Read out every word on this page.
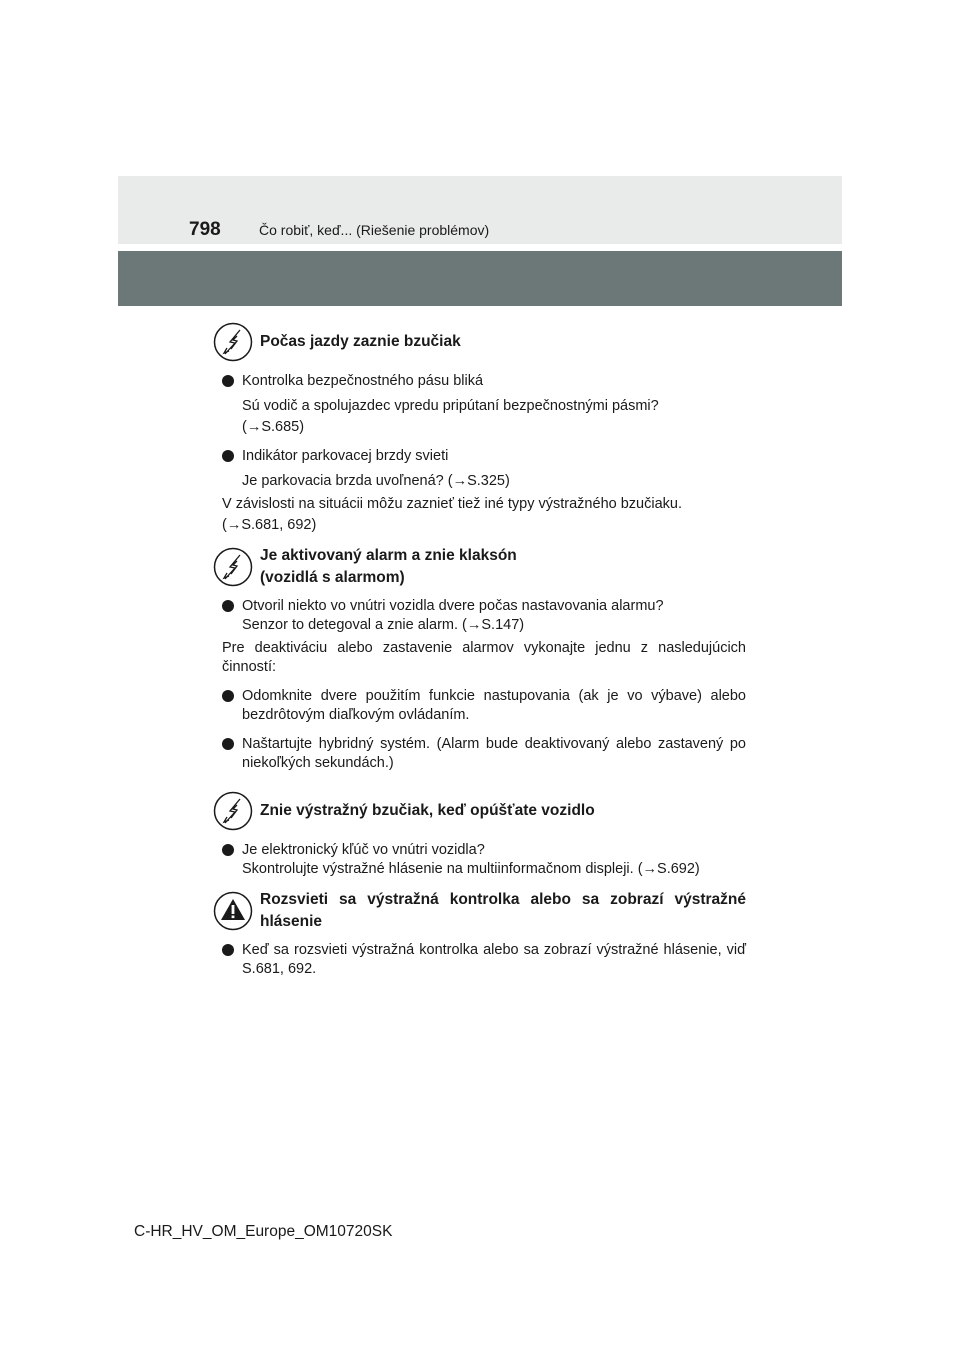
798	Čo robiť, keď... (Riešenie problémov)
Počas jazdy zaznie bzučiak
Kontrolka bezpečnostného pásu bliká
Sú vodič a spolujazdec vpredu pripútaní bezpečnostnými pásmi?
(→S.685)
Indikátor parkovacej brzdy svieti
Je parkovacia brzda uvoľnená? (→S.325)
V závislosti na situácii môžu zaznieť tiež iné typy výstražného bzučiaku.
(→S.681, 692)
Je aktivovaný alarm a znie klaksón
(vozidlá s alarmom)
Otvoril niekto vo vnútri vozidla dvere počas nastavovania alarmu?
Senzor to detegoval a znie alarm. (→S.147)
Pre deaktiváciu alebo zastavenie alarmov vykonajte jednu z nasledujúcich činností:
Odomknite dvere použitím funkcie nastupovania (ak je vo výbave) alebo bezdrôtovým diaľkovým ovládaním.
Naštartujte hybridný systém. (Alarm bude deaktivovaný alebo zastavený po niekoľkých sekundách.)
Znie výstražný bzučiak, keď opúšťate vozidlo
Je elektronický kľúč vo vnútri vozidla?
Skontrolujte výstražné hlásenie na multiinformačnom displeji. (→S.692)
Rozsvieti sa výstražná kontrolka alebo sa zobrazí výstražné hlásenie
Keď sa rozsvieti výstražná kontrolka alebo sa zobrazí výstražné hlásenie, viď S.681, 692.
C-HR_HV_OM_Europe_OM10720SK
